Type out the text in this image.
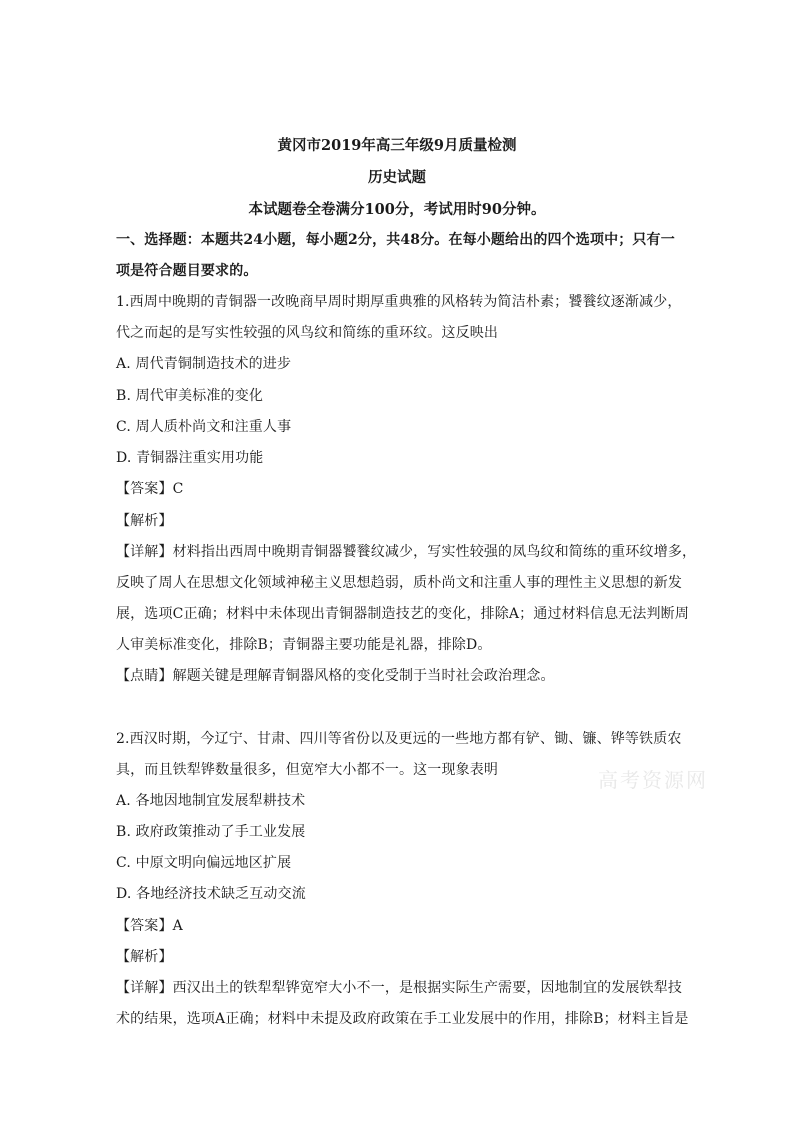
黄冈市2019年高三年级9月质量检测
历史试题
本试题卷全卷满分100分，考试用时90分钟。
一、选择题：本题共24小题，每小题2分，共48分。在每小题给出的四个选项中；只有一
项是符合题目要求的。
1.西周中晚期的青铜器一改晚商早周时期厚重典雅的风格转为简洁朴素；饕餮纹逐渐减少，
代之而起的是写实性较强的风鸟纹和简练的重环纹。这反映出
A. 周代青铜制造技术的进步
B. 周代审美标准的变化
C. 周人质朴尚文和注重人事
D. 青铜器注重实用功能
【答案】C
【解析】
【详解】材料指出西周中晚期青铜器饕餮纹减少，写实性较强的凤鸟纹和简练的重环纹增多，
反映了周人在思想文化领域神秘主义思想趋弱，质朴尚文和注重人事的理性主义思想的新发
展，选项C正确；材料中未体现出青铜器制造技艺的变化，排除A；通过材料信息无法判断周
人审美标准变化，排除B；青铜器主要功能是礼器，排除D。
【点睛】解题关键是理解青铜器风格的变化受制于当时社会政治理念。
2.西汉时期，今辽宁、甘肃、四川等省份以及更远的一些地方都有铲、锄、镰、铧等铁质农
具，而且铁犁铧数量很多，但宽窄大小都不一。这一现象表明
A. 各地因地制宜发展犁耕技术
B. 政府政策推动了手工业发展
C. 中原文明向偏远地区扩展
D. 各地经济技术缺乏互动交流
【答案】A
【解析】
【详解】西汉出土的铁犁犁铧宽窄大小不一，是根据实际生产需要，因地制宜的发展铁犁技
术的结果，选项A正确；材料中未提及政府政策在手工业发展中的作用，排除B；材料主旨是
高考资源网
